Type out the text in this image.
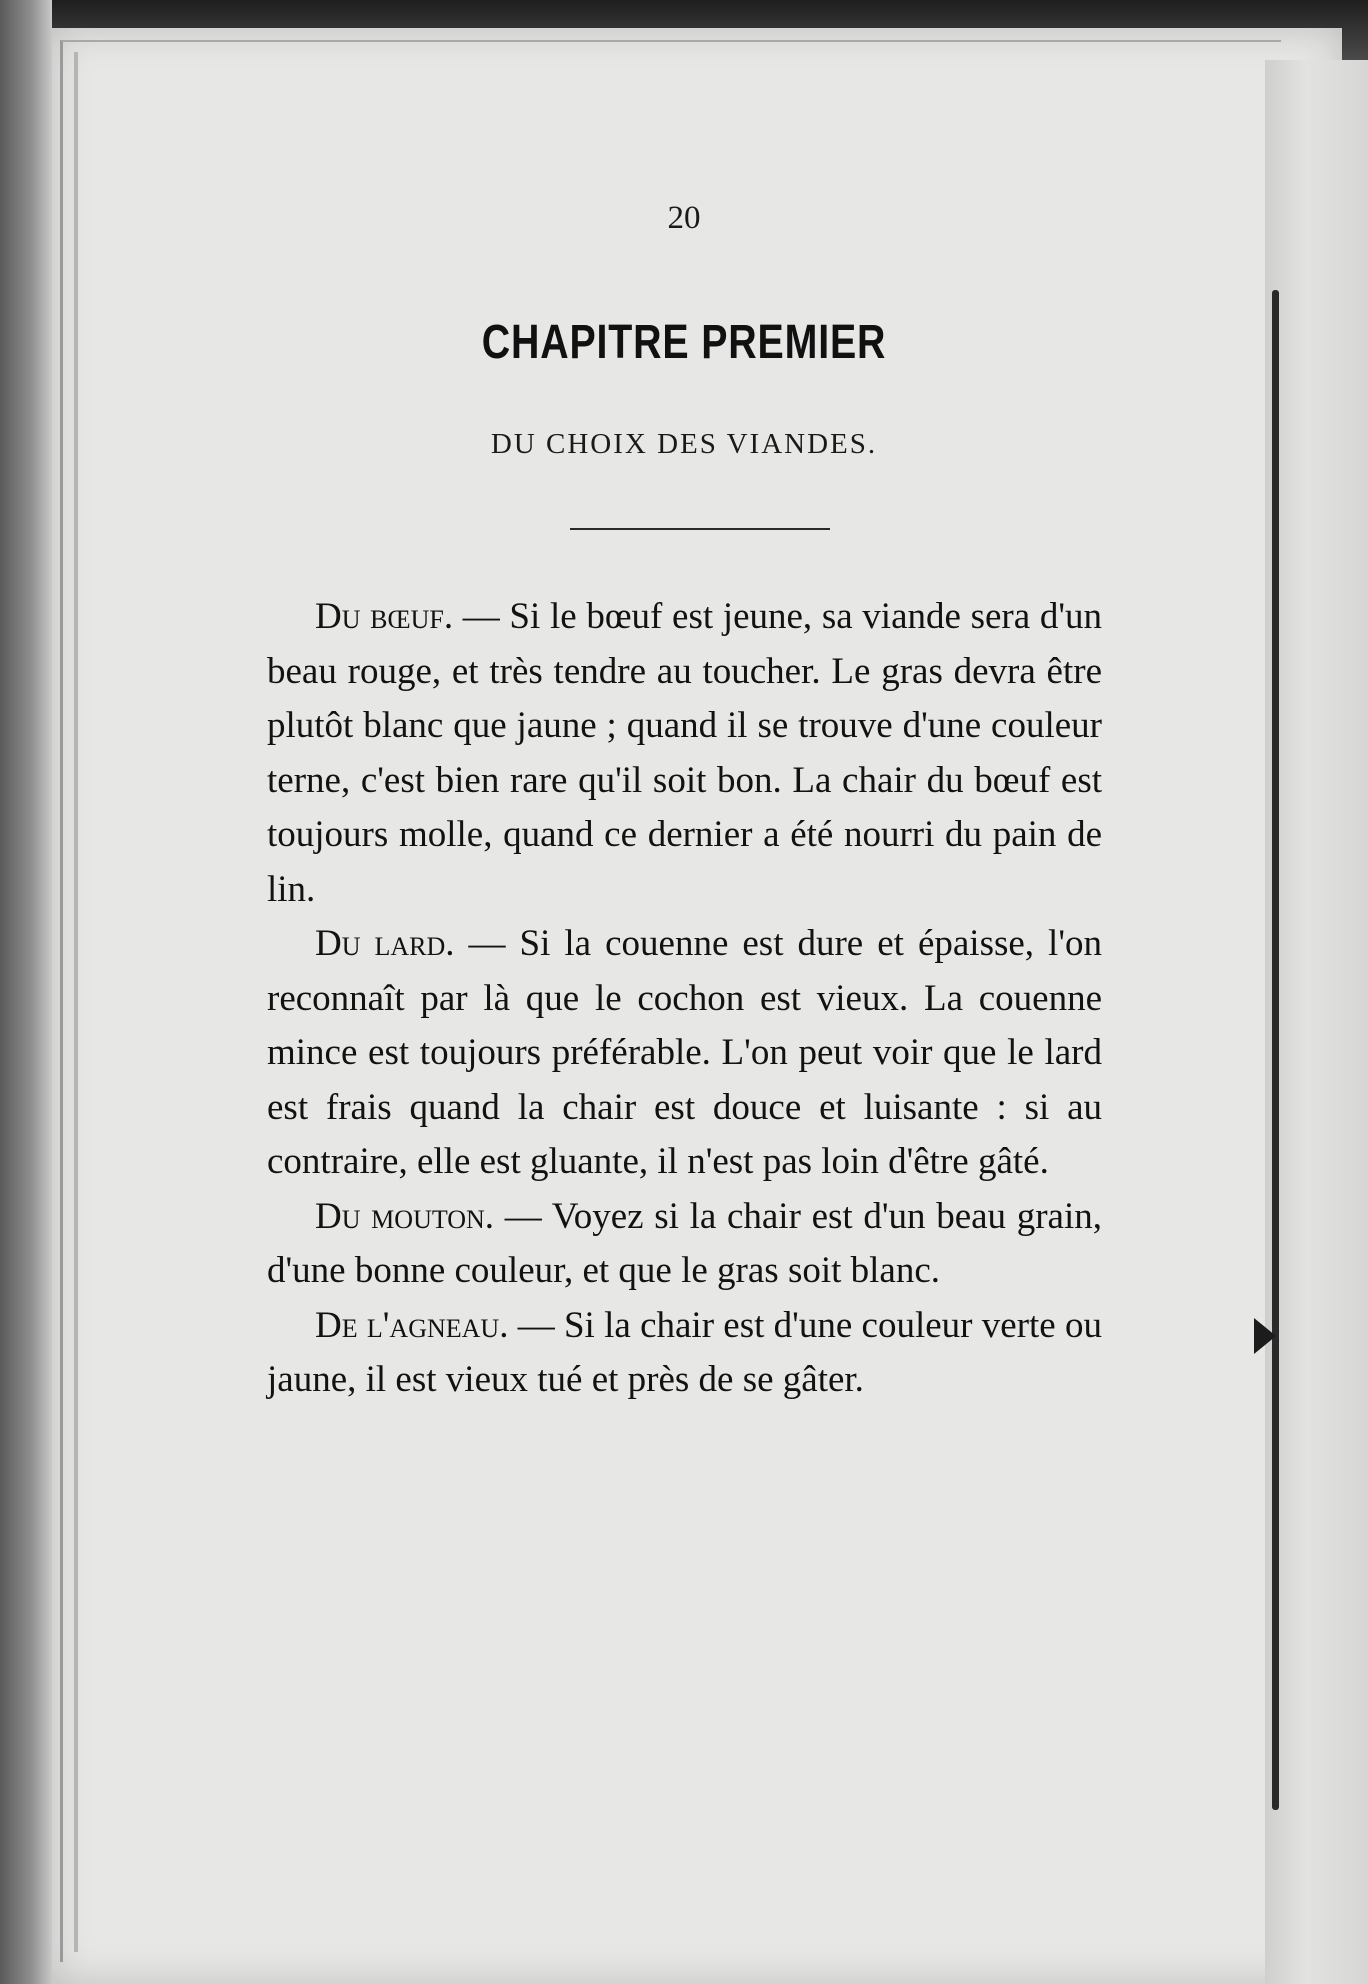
20
CHAPITRE PREMIER
DU CHOIX DES VIANDES.

Du bœuf. — Si le bœuf est jeune, sa viande sera d'un beau rouge, et très tendre au toucher. Le gras devra être plutôt blanc que jaune ; quand il se trouve d'une couleur terne, c'est bien rare qu'il soit bon. La chair du bœuf est toujours molle, quand ce dernier a été nourri du pain de lin.

Du lard. — Si la couenne est dure et épaisse, l'on reconnaît par là que le cochon est vieux. La couenne mince est toujours préférable. L'on peut voir que le lard est frais quand la chair est douce et luisante : si au contraire, elle est gluante, il n'est pas loin d'être gâté.

Du mouton. — Voyez si la chair est d'un beau grain, d'une bonne couleur, et que le gras soit blanc.

De l'agneau. — Si la chair est d'une couleur verte ou jaune, il est vieux tué et près de se gâter.
